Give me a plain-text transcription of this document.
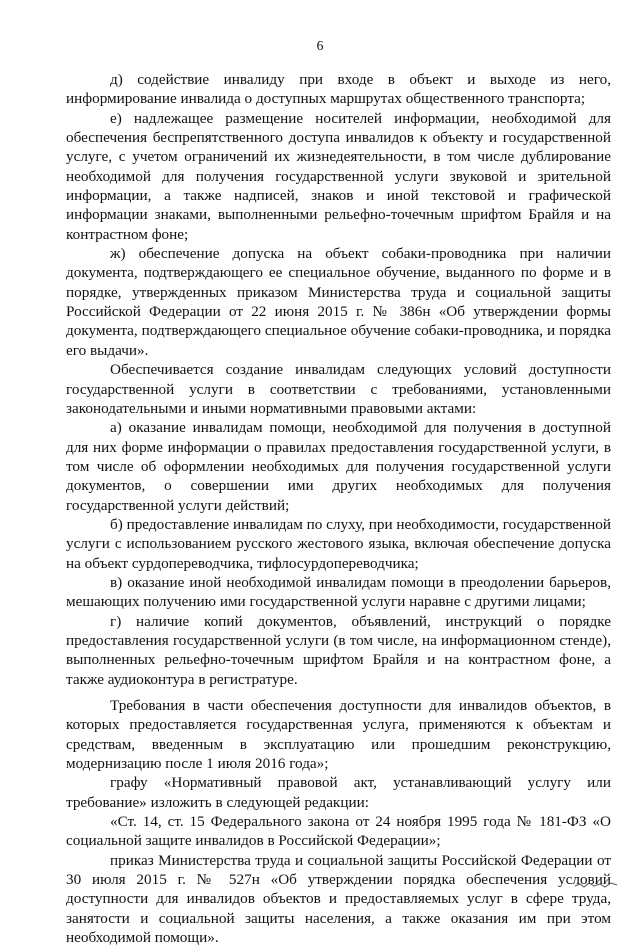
6

д) содействие инвалиду при входе в объект и выходе из него, информирование инвалида о доступных маршрутах общественного транспорта;

е) надлежащее размещение носителей информации, необходимой для обеспечения беспрепятственного доступа инвалидов к объекту и государственной услуге, с учетом ограничений их жизнедеятельности, в том числе дублирование необходимой для получения государственной услуги звуковой и зрительной информации, а также надписей, знаков и иной текстовой и графической информации знаками, выполненными рельефно-точечным шрифтом Брайля и на контрастном фоне;

ж) обеспечение допуска на объект собаки-проводника при наличии документа, подтверждающего ее специальное обучение, выданного по форме и в порядке, утвержденных приказом Министерства труда и социальной защиты Российской Федерации от 22 июня 2015 г. № 386н «Об утверждении формы документа, подтверждающего специальное обучение собаки-проводника, и порядка его выдачи».

Обеспечивается создание инвалидам следующих условий доступности государственной услуги в соответствии с требованиями, установленными законодательными и иными нормативными правовыми актами:

а) оказание инвалидам помощи, необходимой для получения в доступной для них форме информации о правилах предоставления государственной услуги, в том числе об оформлении необходимых для получения государственной услуги документов, о совершении ими других необходимых для получения государственной услуги действий;

б) предоставление инвалидам по слуху, при необходимости, государственной услуги с использованием русского жестового языка, включая обеспечение допуска на объект сурдопереводчика, тифлосурдопереводчика;

в) оказание иной необходимой инвалидам помощи в преодолении барьеров, мешающих получению ими государственной услуги наравне с другими лицами;

г) наличие копий документов, объявлений, инструкций о порядке предоставления государственной услуги (в том числе, на информационном стенде), выполненных рельефно-точечным шрифтом Брайля и на контрастном фоне, а также аудиоконтура в регистратуре.

Требования в части обеспечения доступности для инвалидов объектов, в которых предоставляется государственная услуга, применяются к объектам и средствам, введенным в эксплуатацию или прошедшим реконструкцию, модернизацию после 1 июля 2016 года»;

графу «Нормативный правовой акт, устанавливающий услугу или требование» изложить в следующей редакции:

«Ст. 14, ст. 15 Федерального закона от 24 ноября 1995 года № 181-ФЗ «О социальной защите инвалидов в Российской Федерации»;

приказ Министерства труда и социальной защиты Российской Федерации от 30 июля 2015 г. № 527н «Об утверждении порядка обеспечения условий доступности для инвалидов объектов и предоставляемых услуг в сфере труда, занятости и социальной защиты населения, а также оказания им при этом необходимой помощи».
